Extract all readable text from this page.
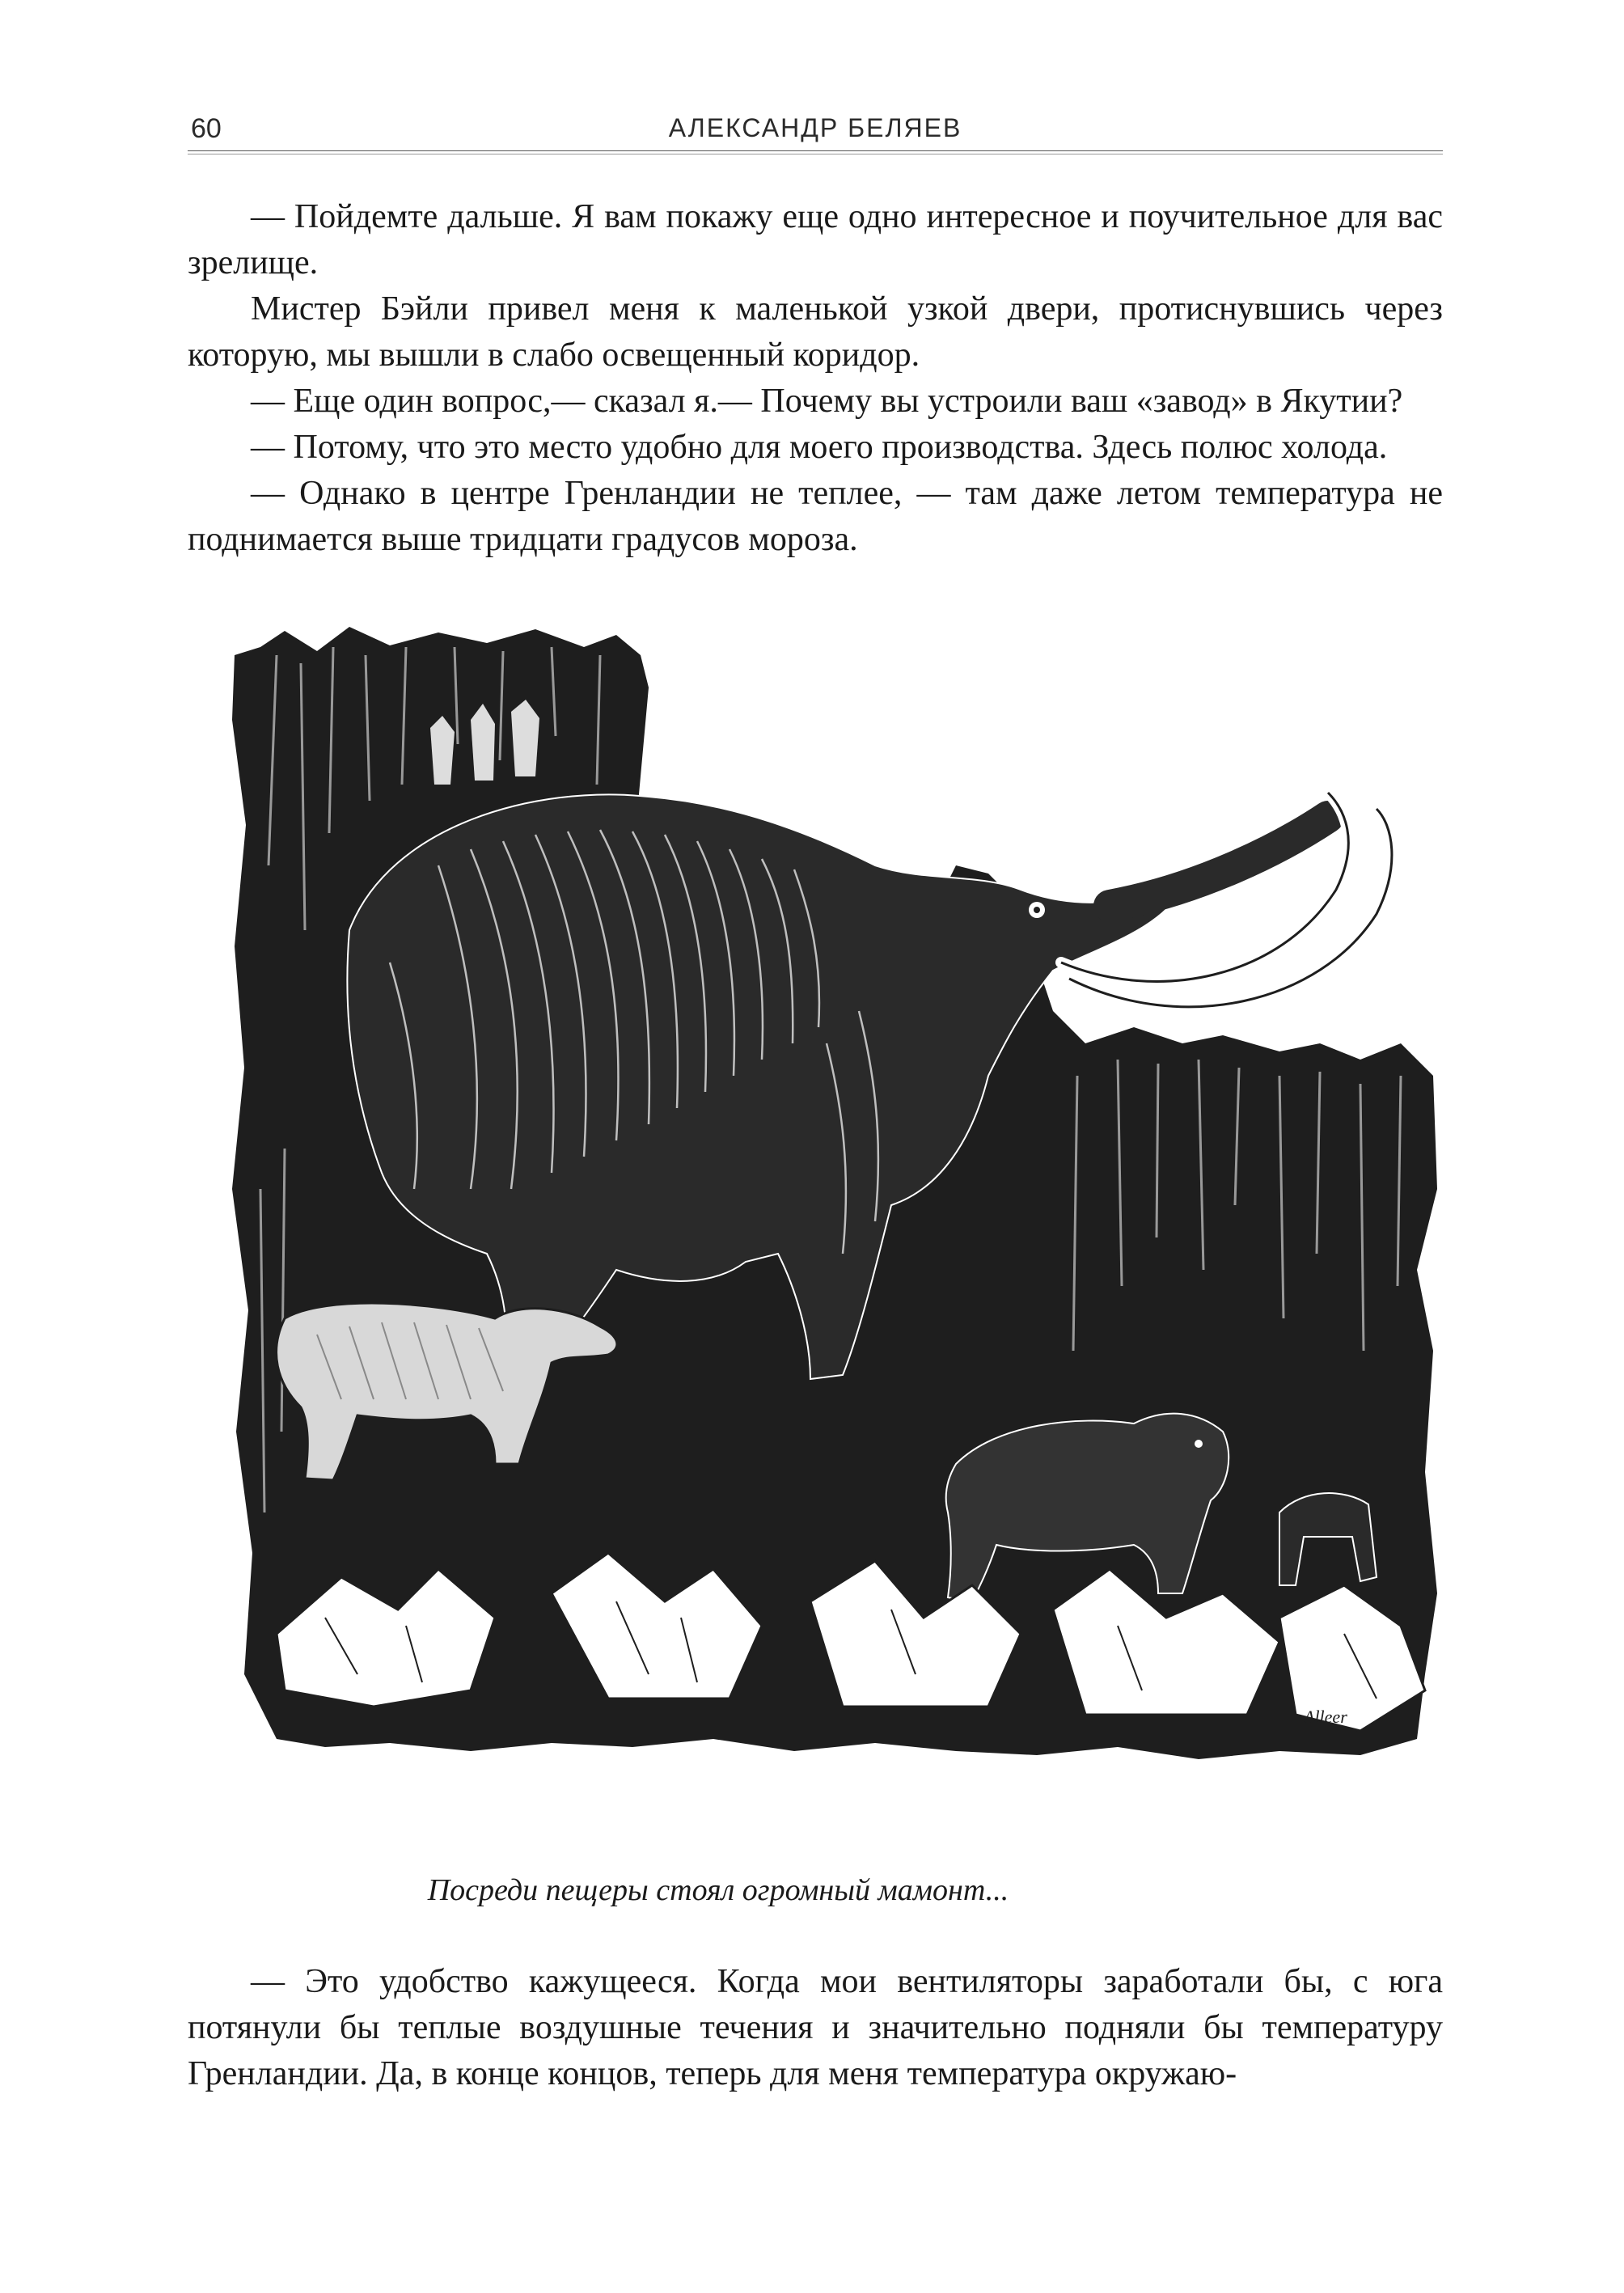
60	АЛЕКСАНДР БЕЛЯЕВ

— Пойдемте дальше. Я вам покажу еще одно интересное и поучительное для вас зрелище.

Мистер Бэйли привел меня к маленькой узкой двери, протиснувшись через которую, мы вышли в слабо освещенный коридор.

— Еще один вопрос,— сказал я.— Почему вы устроили ваш «завод» в Якутии?

— Потому, что это место удобно для моего производства. Здесь полюс холода.

— Однако в центре Гренландии не теплее, — там даже летом температура не поднимается выше тридцати градусов мороза.

Alleer
Посреди пещеры стоял огромный мамонт...

— Это удобство кажущееся. Когда мои вентиляторы заработали бы, с юга потянули бы теплые воздушные течения и значительно подняли бы температуру Гренландии. Да, в конце концов, теперь для меня температура окружаю-
